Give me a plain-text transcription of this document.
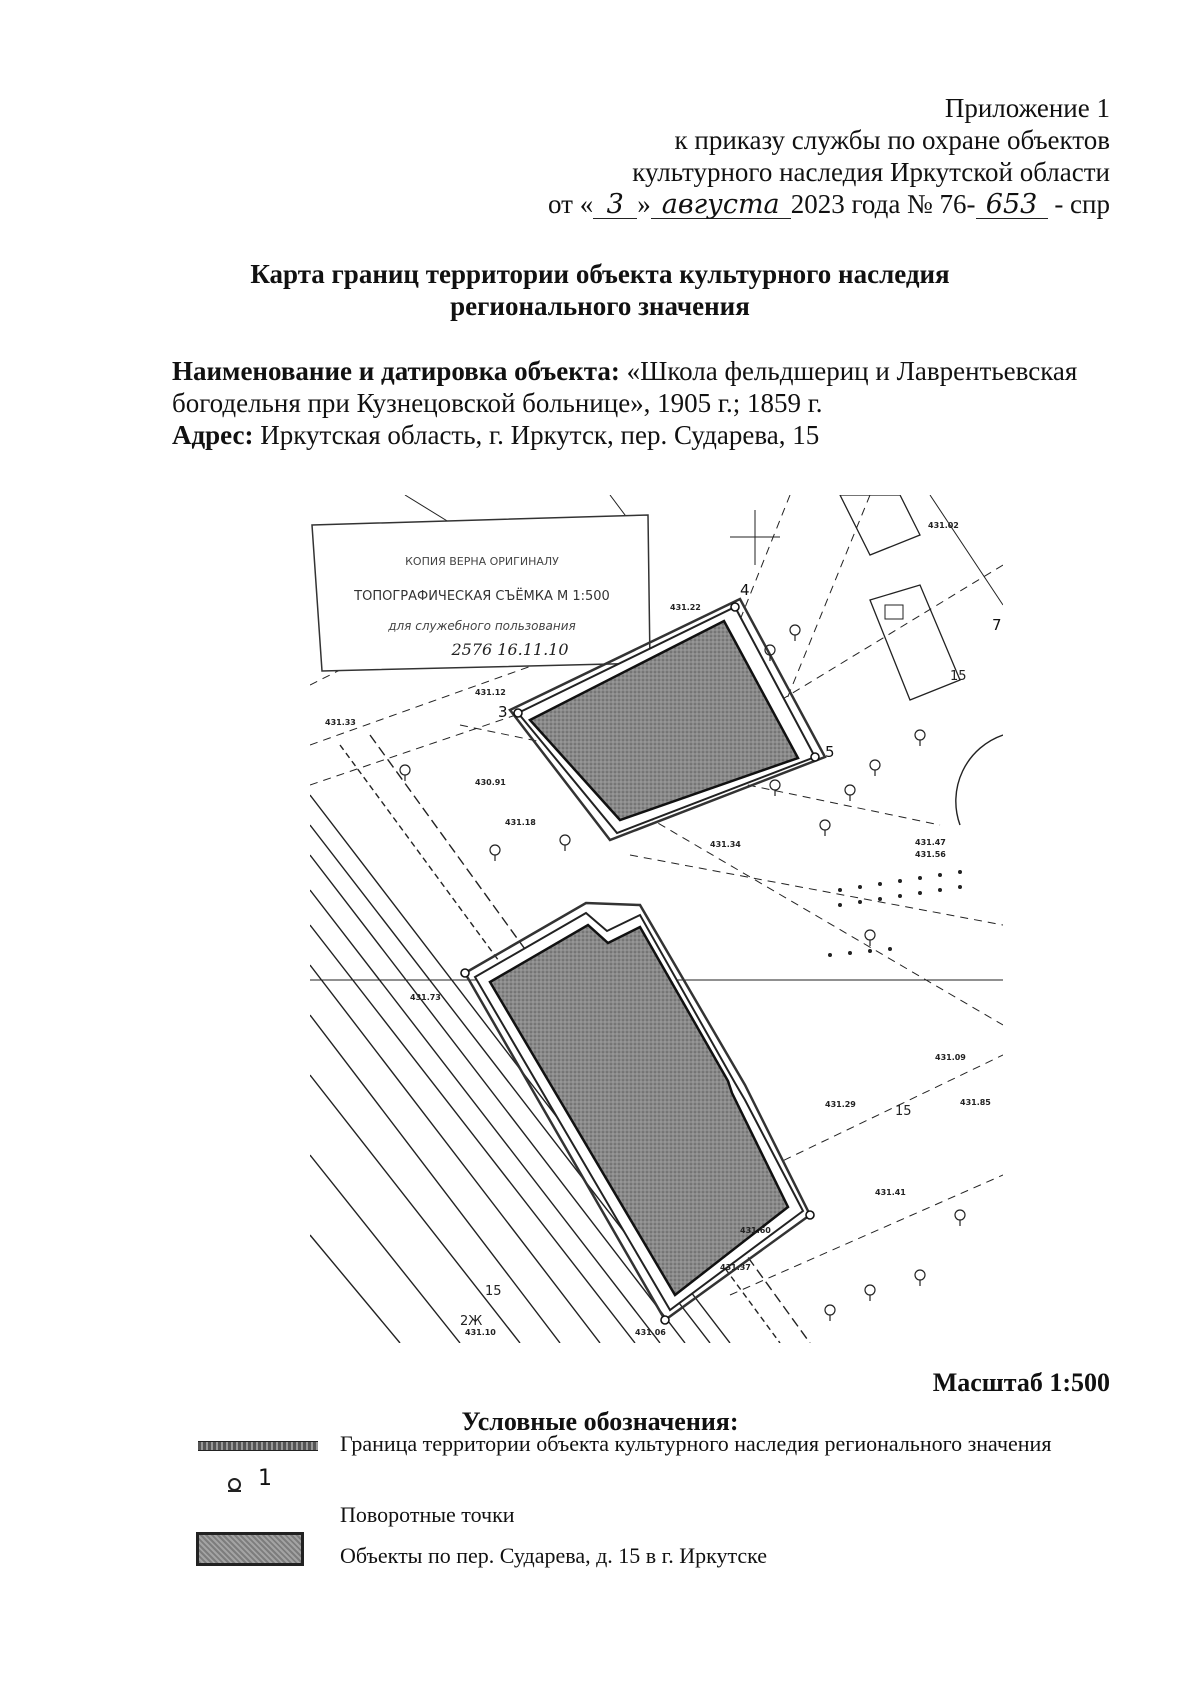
Приложение 1
к приказу службы по охране объектов
культурного наследия Иркутской области
от « 3 » августа 2023 года № 76- 653 - спр
Карта границ территории объекта культурного наследия
регионального значения
Наименование и датировка объекта: «Школа фельдшериц и Лаврентьевская
богодельня при Кузнецовской больнице», 1905 г.; 1859 г.
Адрес: Иркутская область, г. Иркутск, пер. Сударева, 15
КОПИЯ ВЕРНА ОРИГИНАЛУ
ТОПОГРАФИЧЕСКАЯ СЪЁМКА М 1:500
для служебного пользования
2576 16.11.10
3
4
5
7
431.12
431.33
430.91
431.02
431.22
431.18
431.34	431.47
431.56
431.09
431.29
431.73
431.41
431.85
431.60
431.10	431.06
431.37
15
15
15
2Ж
Масштаб 1:500
Условные обозначения:
Граница территории объекта культурного наследия регионального значения
1
Поворотные точки
Объекты по пер. Сударева, д. 15 в г. Иркутске
